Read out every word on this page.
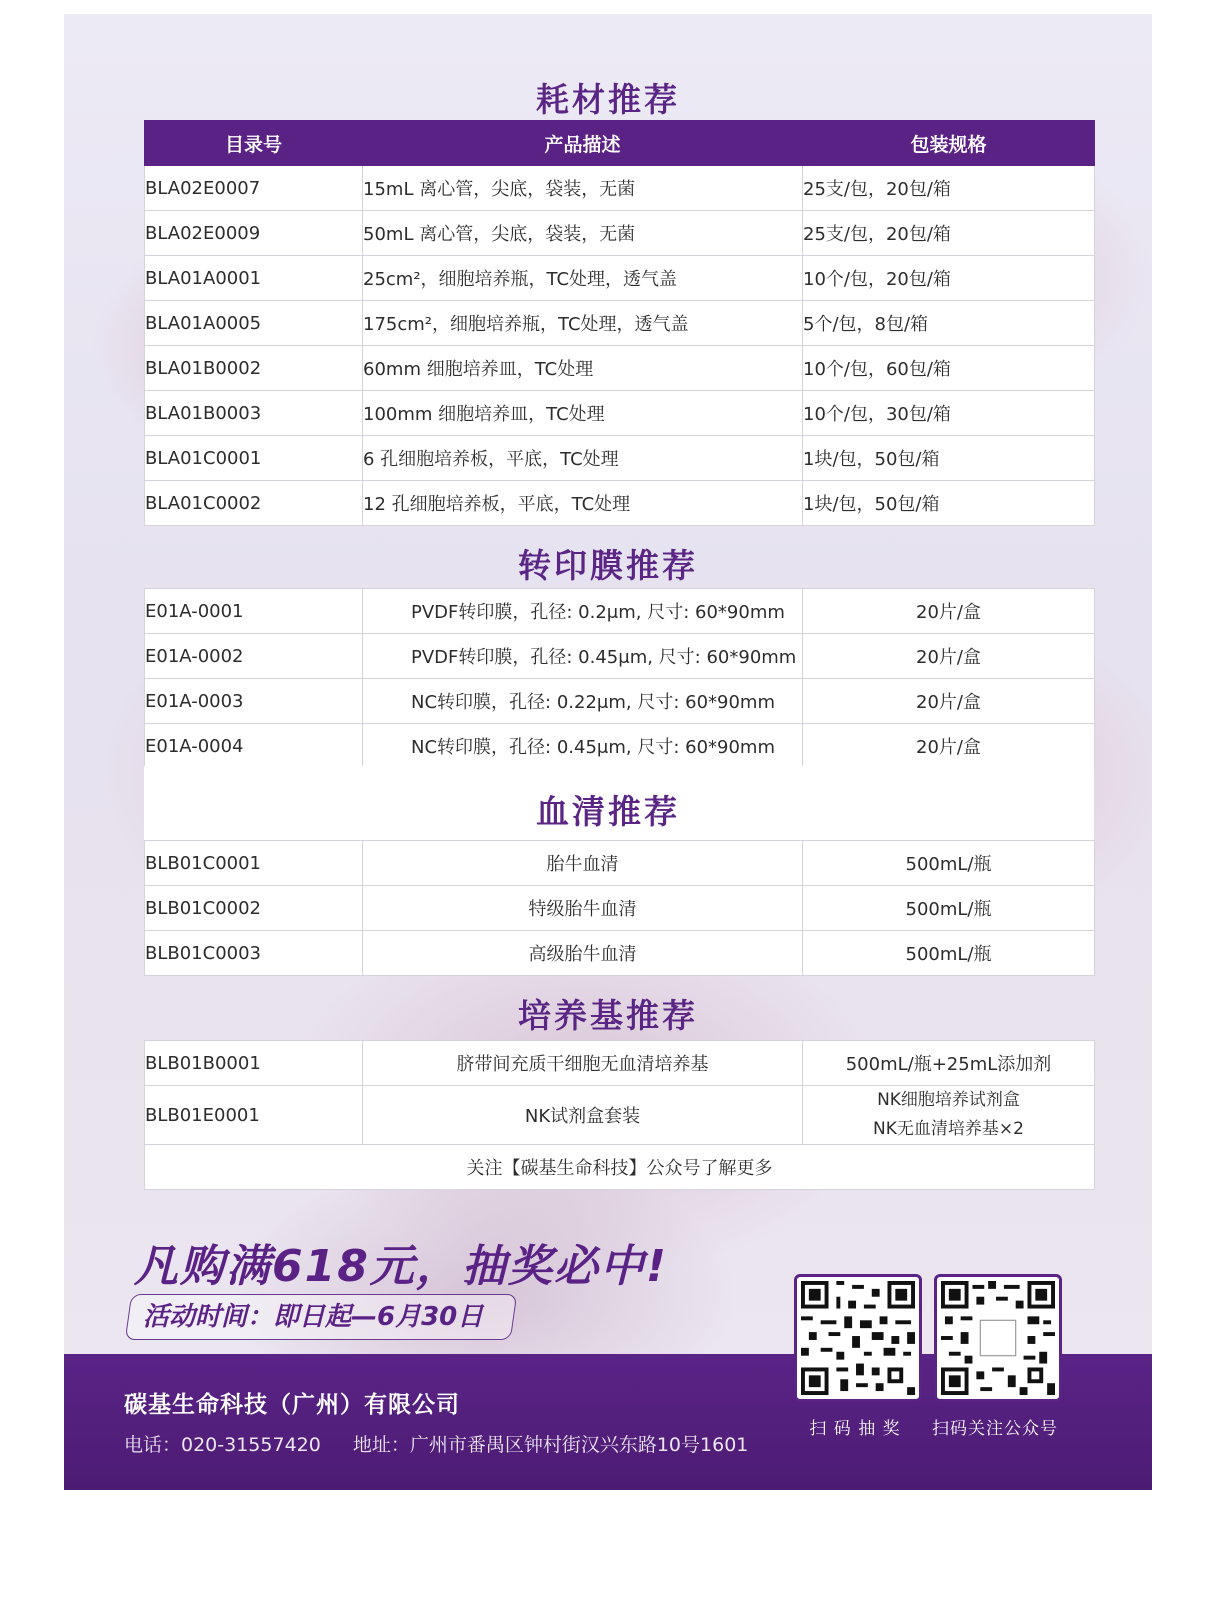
耗材推荐
目录号	产品描述	包装规格
BLA02E0007	15mL 离心管，尖底，袋装，无菌	25支/包，20包/箱
BLA02E0009	50mL 离心管，尖底，袋装，无菌	25支/包，20包/箱
BLA01A0001	25cm²，细胞培养瓶，TC处理，透气盖	10个/包，20包/箱
BLA01A0005	175cm²，细胞培养瓶，TC处理，透气盖	5个/包，8包/箱
BLA01B0002	60mm 细胞培养皿，TC处理	10个/包，60包/箱
BLA01B0003	100mm 细胞培养皿，TC处理	10个/包，30包/箱
BLA01C0001	6 孔细胞培养板，平底，TC处理	1块/包，50包/箱
BLA01C0002	12 孔细胞培养板，平底，TC处理	1块/包，50包/箱
转印膜推荐
E01A-0001	PVDF转印膜，孔径: 0.2μm, 尺寸: 60*90mm	20片/盒
E01A-0002	PVDF转印膜，孔径: 0.45μm, 尺寸: 60*90mm	20片/盒
E01A-0003	NC转印膜，孔径: 0.22μm, 尺寸: 60*90mm	20片/盒
E01A-0004	NC转印膜，孔径: 0.45μm, 尺寸: 60*90mm	20片/盒
血清推荐
BLB01C0001	胎牛血清	500mL/瓶
BLB01C0002	特级胎牛血清	500mL/瓶
BLB01C0003	高级胎牛血清	500mL/瓶
培养基推荐
BLB01B0001	脐带间充质干细胞无血清培养基	500mL/瓶+25mL添加剂
BLB01E0001	NK试剂盒套装	NK细胞培养试剂盒
NK无血清培养基×2

关注【碳基生命科技】公众号了解更多		

凡购满618元，抽奖必中!

活动时间：即日起—6月30日

碳基生命科技（广州）有限公司

电话：020-31557420 地址：广州市番禺区钟村街汉兴东路10号1601

扫 码 抽 奖	扫码关注公众号
